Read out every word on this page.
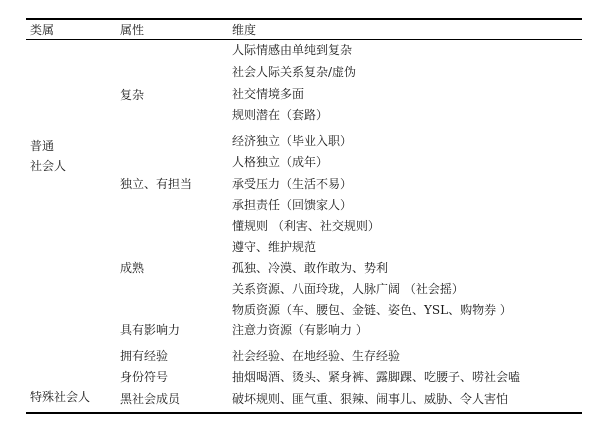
类属	属性	维度
普通
社会人
特殊社会人
复杂
独立、有担当
成熟
具有影响力
拥有经验
身份符号
黑社会成员
人际情感由单纯到复杂
社会人际关系复杂/虚伪
社交情境多面
规则潜在（套路）
经济独立（毕业入职）
人格独立（成年）
承受压力（生活不易）
承担责任（回馈家人）
懂规则 （利害、社交规则）
遵守、维护规范
孤独、冷漠、敢作敢为、势利
关系资源、八面玲珑，人脉广阔 （社会摇）
物质资源（车、腰包、金链、姿色、YSL、购物券 ）
注意力资源（有影响力 ）
社会经验、在地经验、生存经验
抽烟喝酒、烫头、紧身裤、露脚踝、吃腰子、唠社会嗑
破坏规则、匪气重、狠辣、闹事儿、威胁、令人害怕
